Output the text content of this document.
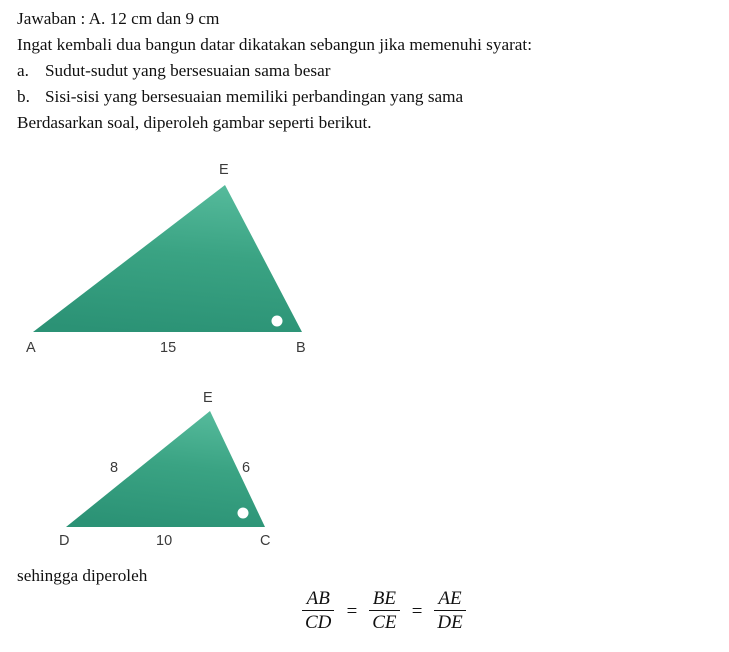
Jawaban : A. 12 cm dan 9 cm
Ingat kembali dua bangun datar dikatakan sebangun jika memenuhi syarat:
a. Sudut-sudut yang bersesuaian sama besar
b. Sisi-sisi yang bersesuaian memiliki perbandingan yang sama
Berdasarkan soal, diperoleh gambar seperti berikut.
E
A	B
15
E
D	C
8	6
10
sehingga diperoleh
$\frac{AB}{CD} = \frac{BE}{CE} = \frac{AE}{DE}$
